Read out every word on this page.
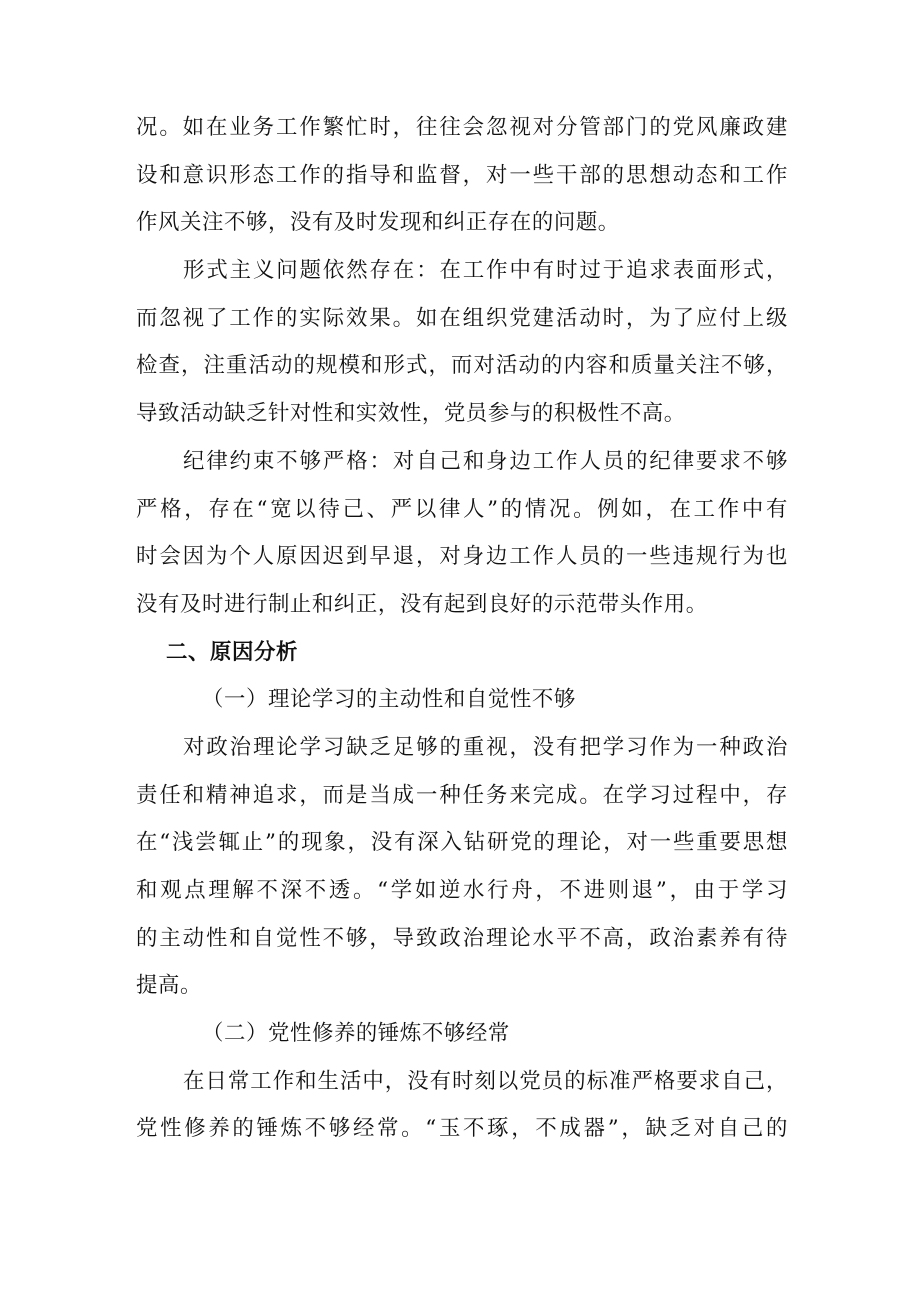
况。如在业务工作繁忙时，往往会忽视对分管部门的党风廉政建
设和意识形态工作的指导和监督，对一些干部的思想动态和工作
作风关注不够，没有及时发现和纠正存在的问题。
形式主义问题依然存在：在工作中有时过于追求表面形式，
而忽视了工作的实际效果。如在组织党建活动时，为了应付上级
检查，注重活动的规模和形式，而对活动的内容和质量关注不够，
导致活动缺乏针对性和实效性，党员参与的积极性不高。
纪律约束不够严格：对自己和身边工作人员的纪律要求不够
严格，存在“宽以待己、严以律人”的情况。例如，在工作中有
时会因为个人原因迟到早退，对身边工作人员的一些违规行为也
没有及时进行制止和纠正，没有起到良好的示范带头作用。
二、原因分析
（一）理论学习的主动性和自觉性不够
对政治理论学习缺乏足够的重视，没有把学习作为一种政治
责任和精神追求，而是当成一种任务来完成。在学习过程中，存
在“浅尝辄止”的现象，没有深入钻研党的理论，对一些重要思想
和观点理解不深不透。“学如逆水行舟，不进则退”，由于学习
的主动性和自觉性不够，导致政治理论水平不高，政治素养有待
提高。
（二）党性修养的锤炼不够经常
在日常工作和生活中，没有时刻以党员的标准严格要求自己，
党性修养的锤炼不够经常。“玉不琢，不成器”，缺乏对自己的
